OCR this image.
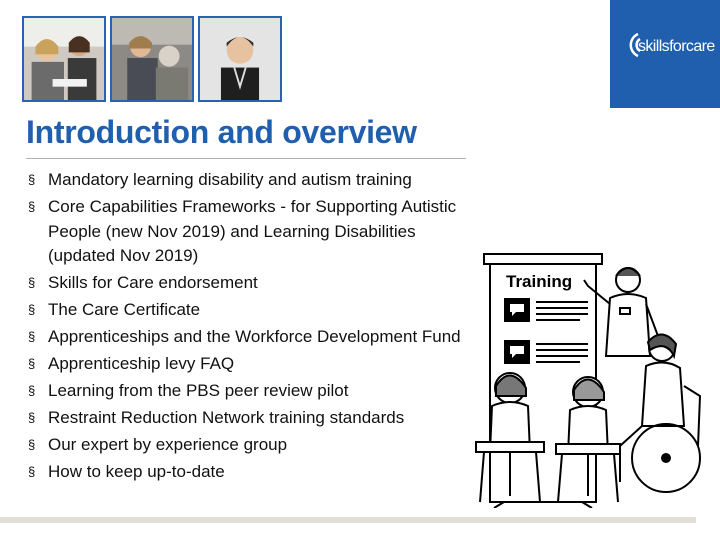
skillsforcare
Introduction and overview
§ Mandatory learning disability and autism training
§ Core Capabilities Frameworks - for Supporting Autistic People (new Nov 2019) and Learning Disabilities (updated Nov 2019)
§ Skills for Care endorsement
§ The Care Certificate
§ Apprenticeships and the Workforce Development Fund
§ Apprenticeship levy FAQ
§ Learning from the PBS peer review pilot
§ Restraint Reduction Network training standards
§ Our expert by experience group
§ How to keep up-to-date
Training
